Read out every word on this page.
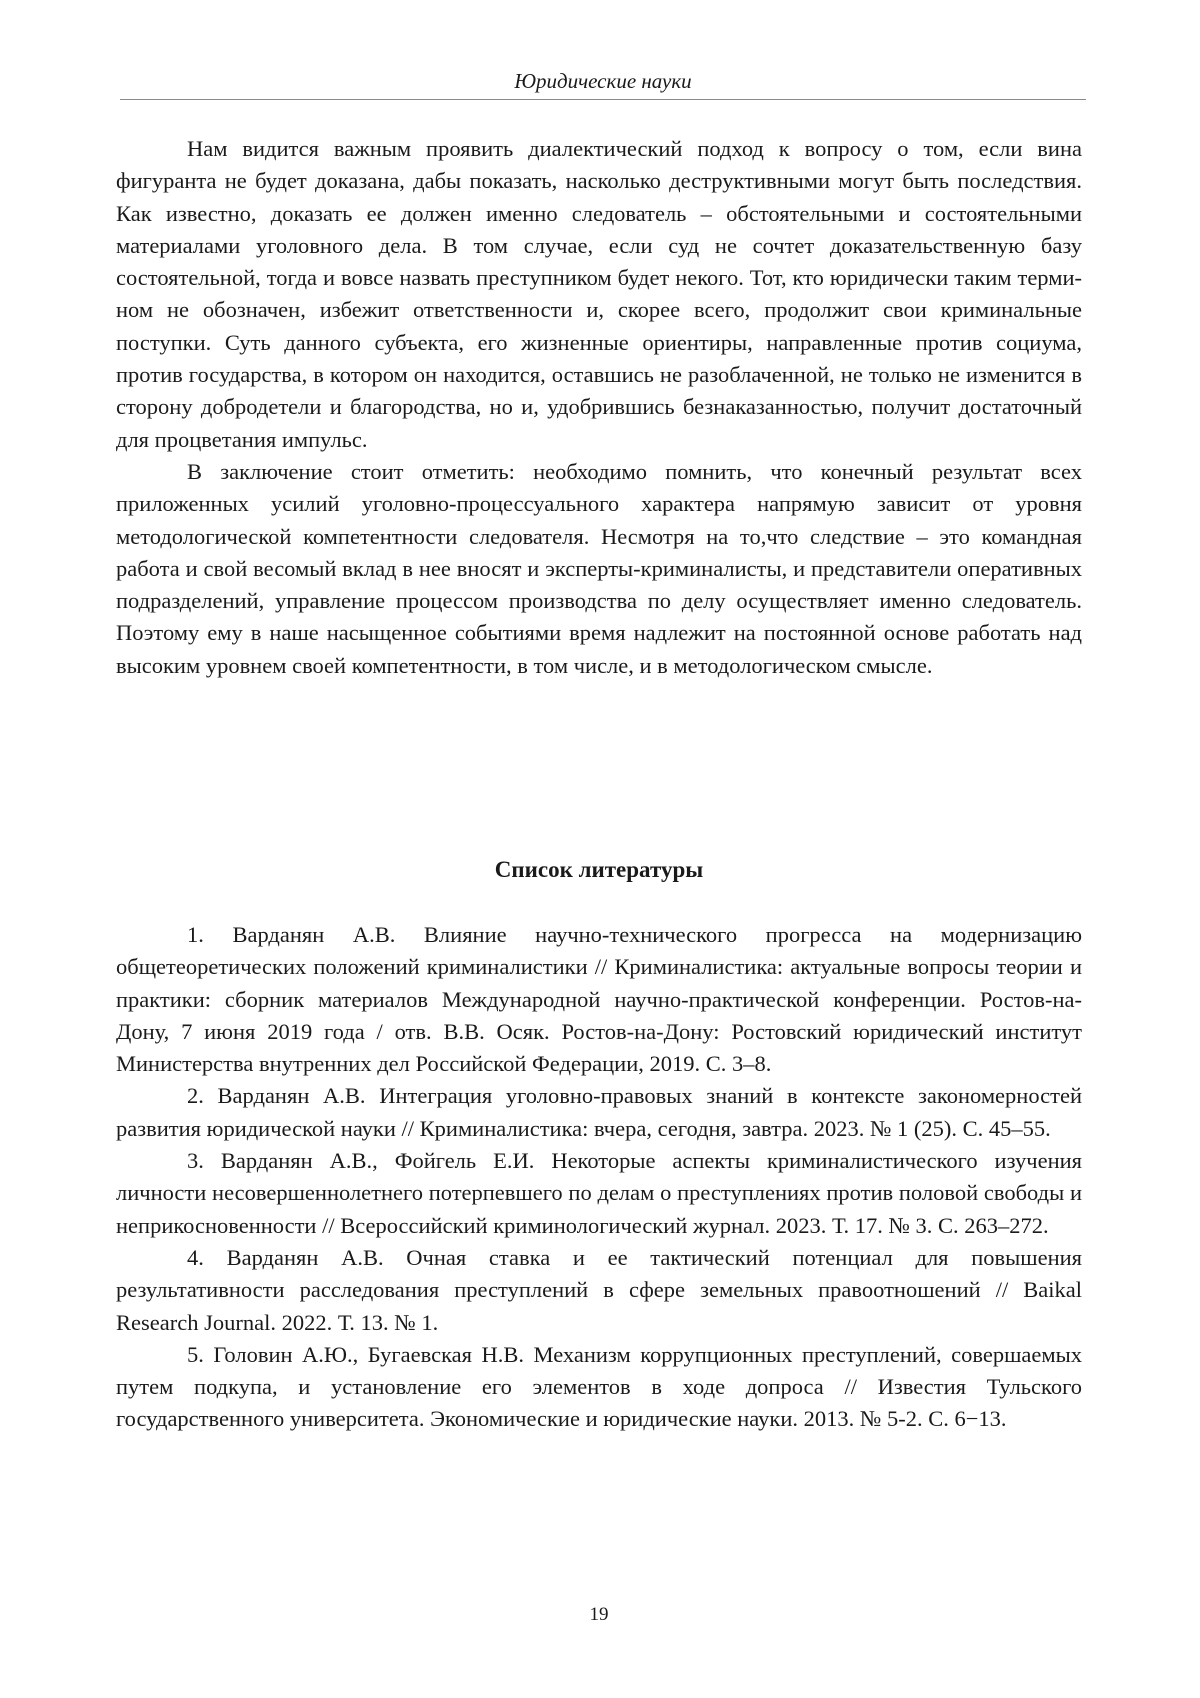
Юридические науки

Нам видится важным проявить диалектический подход к вопросу о том, если вина фигуранта не будет доказана, дабы показать, насколько деструктивными могут быть последствия. Как известно, доказать ее должен именно следователь – обстоятельными и состоятельными материалами уголовного дела. В том случае, если суд не сочтет доказательственную базу состоятельной, тогда и вовсе назвать преступником будет некого. Тот, кто юридически таким термином не обозначен, избежит ответственности и, скорее всего, продолжит свои криминальные поступки. Суть данного субъекта, его жизненные ориентиры, направленные против социума, против государства, в котором он находится, оставшись не разоблаченной, не только не изменится в сторону добродетели и благородства, но и, удобрившись безнаказанностью, получит достаточный для процветания импульс.

В заключение стоит отметить: необходимо помнить, что конечный результат всех приложенных усилий уголовно-процессуального характера напрямую зависит от уровня методологической компетентности следователя. Несмотря на то,что следствие – это командная работа и свой весомый вклад в нее вносят и эксперты-криминалисты, и представители оперативных подразделений, управление процессом производства по делу осуществляет именно следователь. Поэтому ему в наше насыщенное событиями время надлежит на постоянной основе работать над высоким уровнем своей компетентности, в том числе, и в методологическом смысле.

Список литературы

1. Варданян А.В. Влияние научно-технического прогресса на модернизацию общетеоретических положений криминалистики // Криминалистика: актуальные вопросы теории и практики: сборник материалов Международной научно-практической конференции. Ростов-на-Дону, 7 июня 2019 года / отв. В.В. Осяк. Ростов-на-Дону: Ростовский юридический институт Министерства внутренних дел Российской Федерации, 2019. С. 3–8.

2. Варданян А.В. Интеграция уголовно-правовых знаний в контексте закономерностей развития юридической науки // Криминалистика: вчера, сегодня, завтра. 2023. № 1 (25). С. 45–55.

3. Варданян А.В., Фойгель Е.И. Некоторые аспекты криминалистического изучения личности несовершеннолетнего потерпевшего по делам о преступлениях против половой свободы и неприкосновенности // Всероссийский криминологический журнал. 2023. Т. 17. № 3. С. 263–272.

4. Варданян А.В. Очная ставка и ее тактический потенциал для повышения результативности расследования преступлений в сфере земельных правоотношений // Baikal Research Journal. 2022. Т. 13. № 1.

5. Головин А.Ю., Бугаевская Н.В. Механизм коррупционных преступлений, совершаемых путем подкупа, и установление его элементов в ходе допроса // Известия Тульского государственного университета. Экономические и юридические науки. 2013. № 5-2. С. 6−13.

19
